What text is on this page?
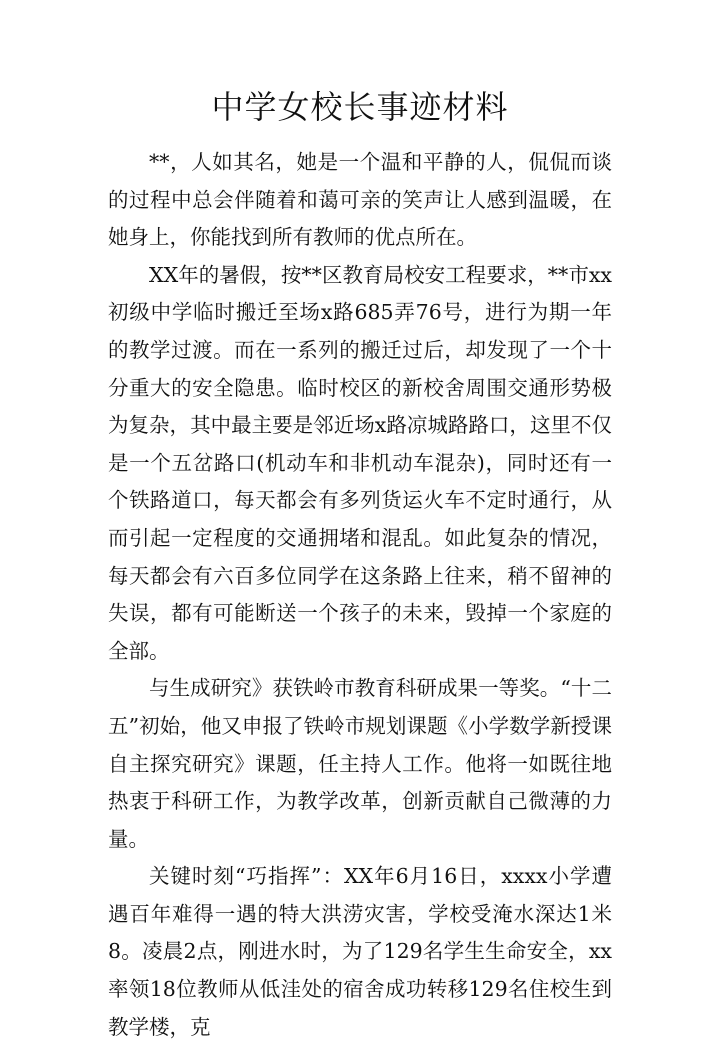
中学女校长事迹材料

**，人如其名，她是一个温和平静的人，侃侃而谈的过程中总会伴随着和蔼可亲的笑声让人感到温暖，在她身上，你能找到所有教师的优点所在。

XX年的暑假，按**区教育局校安工程要求，**市xx初级中学临时搬迁至场x路685弄76号，进行为期一年的教学过渡。而在一系列的搬迁过后，却发现了一个十分重大的安全隐患。临时校区的新校舍周围交通形势极为复杂，其中最主要是邻近场x路凉城路路口，这里不仅是一个五岔路口(机动车和非机动车混杂)，同时还有一个铁路道口，每天都会有多列货运火车不定时通行，从而引起一定程度的交通拥堵和混乱。如此复杂的情况，每天都会有六百多位同学在这条路上往来，稍不留神的失误，都有可能断送一个孩子的未来，毁掉一个家庭的全部。

与生成研究》获铁岭市教育科研成果一等奖。“十二五”初始，他又申报了铁岭市规划课题《小学数学新授课自主探究研究》课题，任主持人工作。他将一如既往地热衷于科研工作，为教学改革，创新贡献自己微薄的力量。

关键时刻“巧指挥”：XX年6月16日，xxxx小学遭遇百年难得一遇的特大洪涝灾害，学校受淹水深达1米8。凌晨2点，刚进水时，为了129名学生生命安全，xx率领18位教师从低洼处的宿舍成功转移129名住校生到教学楼，克
